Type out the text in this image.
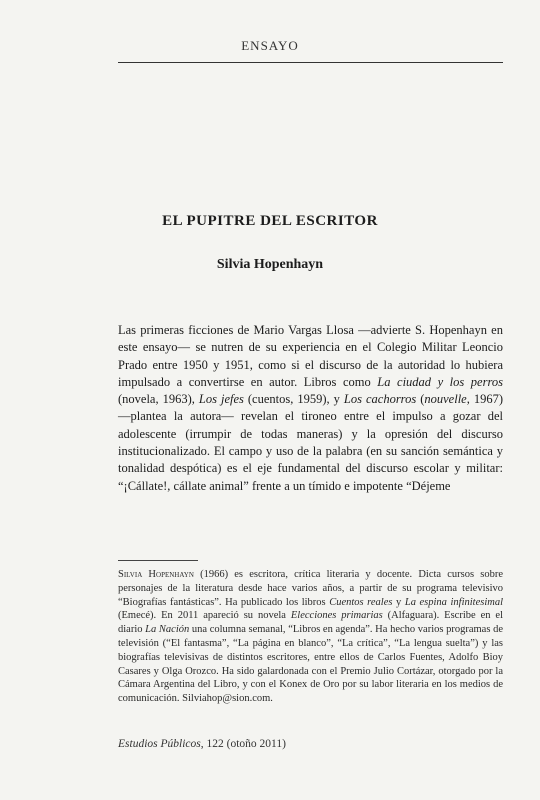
ENSAYO
EL PUPITRE DEL ESCRITOR
Silvia Hopenhayn

Las primeras ficciones de Mario Vargas Llosa —advierte S. Hopenhayn en este ensayo— se nutren de su experiencia en el Colegio Militar Leoncio Prado entre 1950 y 1951, como si el discurso de la autoridad lo hubiera impulsado a convertirse en autor. Libros como La ciudad y los perros (novela, 1963), Los jefes (cuentos, 1959), y Los cachorros (nouvelle, 1967) —plantea la autora— revelan el tironeo entre el impulso a gozar del adolescente (irrumpir de todas maneras) y la opresión del discurso institucionalizado. El campo y uso de la palabra (en su sanción semántica y tonalidad despótica) es el eje fundamental del discurso escolar y militar: “¡Cállate!, cállate animal” frente a un tímido e impotente “Déjeme

Silvia Hopenhayn (1966) es escritora, crítica literaria y docente. Dicta cursos sobre personajes de la literatura desde hace varios años, a partir de su programa televisivo “Biografías fantásticas”. Ha publicado los libros Cuentos reales y La espina infinitesimal (Emecé). En 2011 apareció su novela Elecciones primarias (Alfaguara). Escribe en el diario La Nación una columna semanal, “Libros en agenda”. Ha hecho varios programas de televisión (“El fantasma”, “La página en blanco”, “La crítica”, “La lengua suelta”) y las biografías televisivas de distintos escritores, entre ellos de Carlos Fuentes, Adolfo Bioy Casares y Olga Orozco. Ha sido galardonada con el Premio Julio Cortázar, otorgado por la Cámara Argentina del Libro, y con el Konex de Oro por su labor literaria en los medios de comunicación. Silviahop@sion.com.
Estudios Públicos, 122 (otoño 2011)
